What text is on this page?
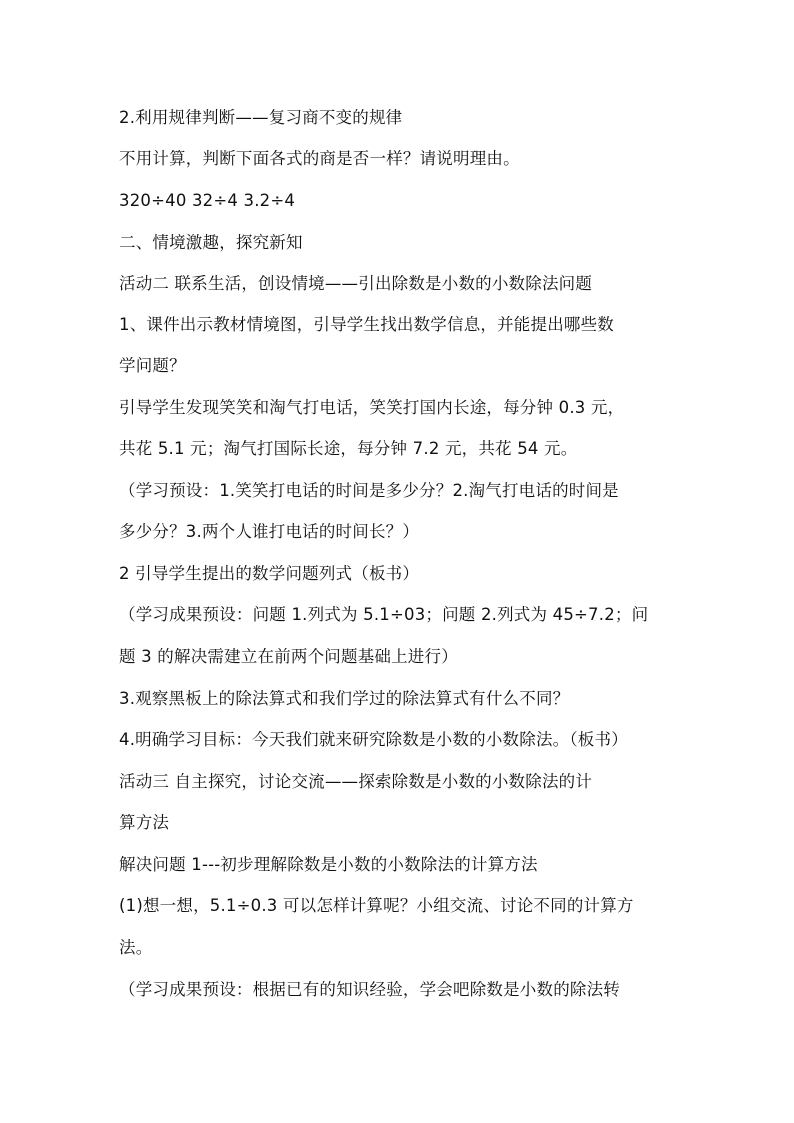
2.利用规律判断——复习商不变的规律
不用计算，判断下面各式的商是否一样？请说明理由。
320÷40 32÷4 3.2÷4
二、情境激趣，探究新知
活动二 联系生活，创设情境——引出除数是小数的小数除法问题
1、课件出示教材情境图，引导学生找出数学信息，并能提出哪些数
学问题？
引导学生发现笑笑和淘气打电话，笑笑打国内长途，每分钟 0.3 元，
共花 5.1 元；淘气打国际长途，每分钟 7.2 元，共花 54 元。
（学习预设：1.笑笑打电话的时间是多少分？2.淘气打电话的时间是
多少分？3.两个人谁打电话的时间长？）
2 引导学生提出的数学问题列式（板书）
（学习成果预设：问题 1.列式为 5.1÷03；问题 2.列式为 45÷7.2；问
题 3 的解决需建立在前两个问题基础上进行）
3.观察黑板上的除法算式和我们学过的除法算式有什么不同？
4.明确学习目标：今天我们就来研究除数是小数的小数除法。（板书）
活动三 自主探究，讨论交流——探索除数是小数的小数除法的计
算方法
解决问题 1---初步理解除数是小数的小数除法的计算方法
(1)想一想，5.1÷0.3 可以怎样计算呢？小组交流、讨论不同的计算方
法。
（学习成果预设：根据已有的知识经验，学会吧除数是小数的除法转
